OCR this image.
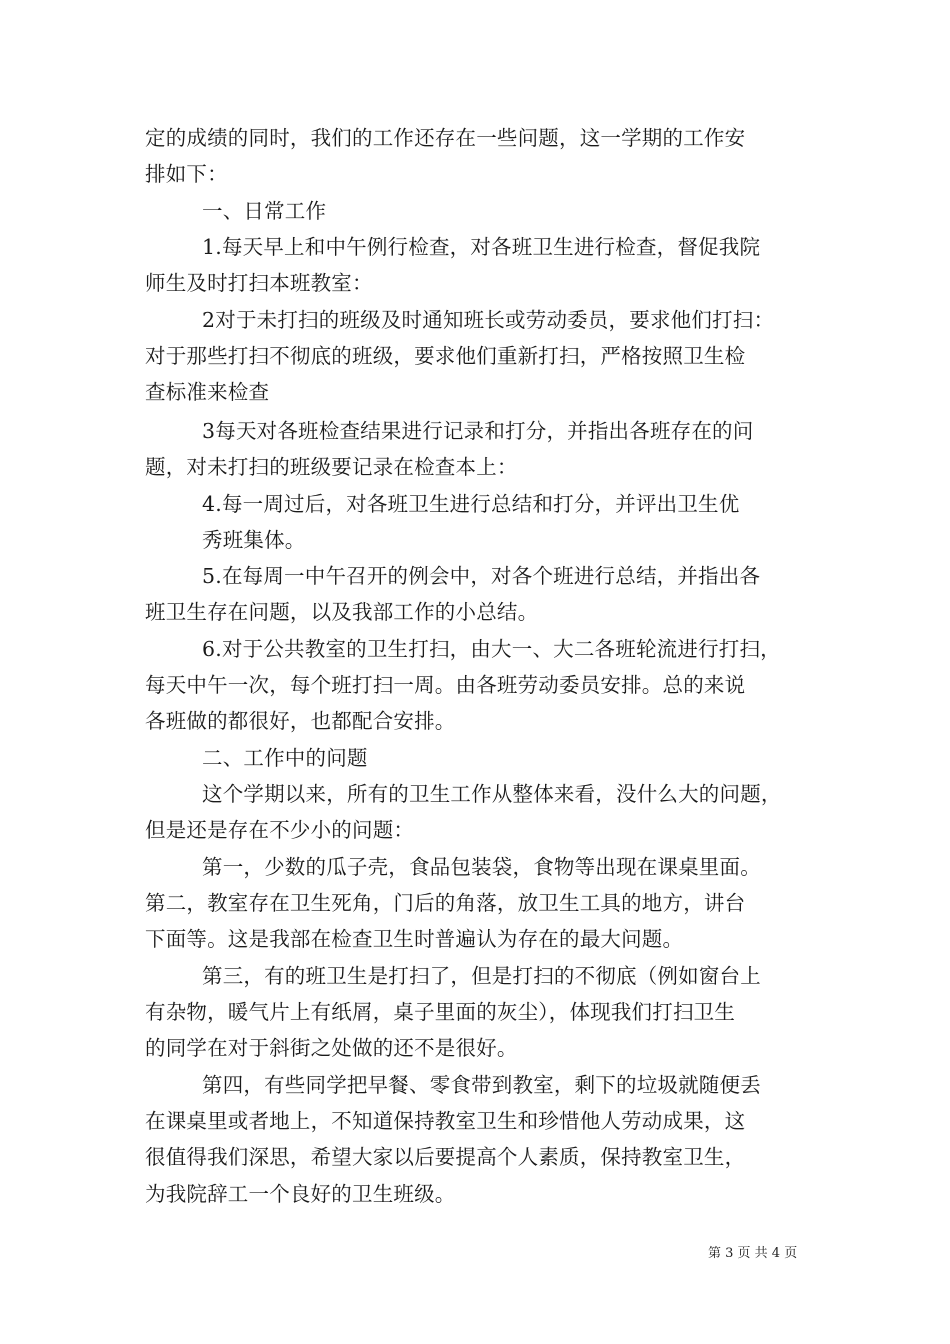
定的成绩的同时，我们的工作还存在一些问题，这一学期的工作安
排如下：
一、日常工作
1.每天早上和中午例行检查，对各班卫生进行检查，督促我院
师生及时打扫本班教室：
2对于未打扫的班级及时通知班长或劳动委员，要求他们打扫：
对于那些打扫不彻底的班级，要求他们重新打扫，严格按照卫生检
查标准来检查
3每天对各班检查结果进行记录和打分，并指出各班存在的问
题，对未打扫的班级要记录在检查本上：
4.每一周过后，对各班卫生进行总结和打分，并评出卫生优
秀班集体。
5.在每周一中午召开的例会中，对各个班进行总结，并指出各
班卫生存在问题，以及我部工作的小总结。
6.对于公共教室的卫生打扫，由大一、大二各班轮流进行打扫，
每天中午一次，每个班打扫一周。由各班劳动委员安排。总的来说
各班做的都很好，也都配合安排。
二、工作中的问题
这个学期以来，所有的卫生工作从整体来看，没什么大的问题，
但是还是存在不少小的问题：
第一，少数的瓜子壳，食品包装袋，食物等出现在课桌里面。
第二，教室存在卫生死角，门后的角落，放卫生工具的地方，讲台
下面等。这是我部在检查卫生时普遍认为存在的最大问题。
第三，有的班卫生是打扫了，但是打扫的不彻底（例如窗台上
有杂物，暖气片上有纸屑，桌子里面的灰尘），体现我们打扫卫生
的同学在对于斜街之处做的还不是很好。
第四，有些同学把早餐、零食带到教室，剩下的垃圾就随便丢
在课桌里或者地上，不知道保持教室卫生和珍惜他人劳动成果，这
很值得我们深思，希望大家以后要提高个人素质，保持教室卫生，
为我院辞工一个良好的卫生班级。
第 3 页 共 4 页
